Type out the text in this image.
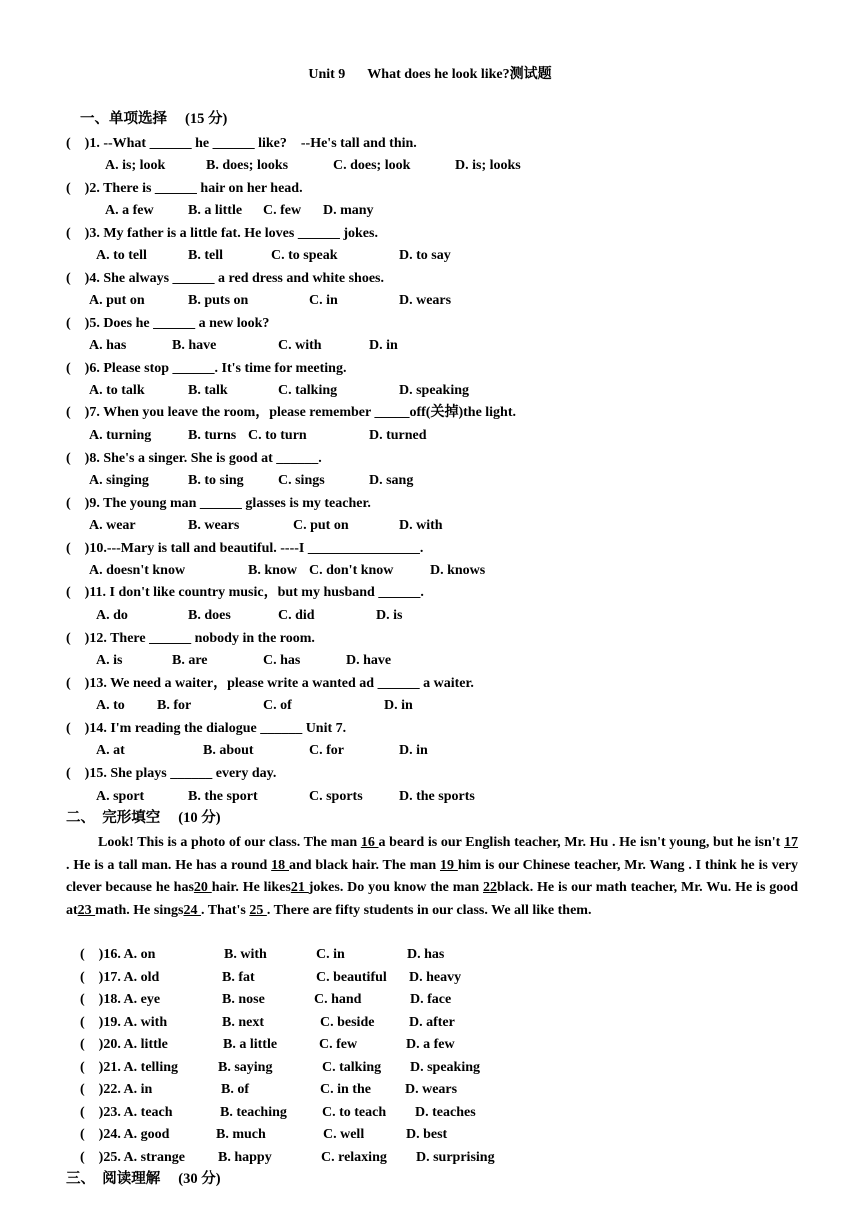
Unit 9 What does he look like?测试题
一、单项选择 (15 分)
(    )1. --What ______ he ______ like?    --He's tall and thin.
A. is; look	B. does; looks	C. does; look	D. is; looks
(    )2. There is ______ hair on her head.
A. a few B. a little C. few D. many
(    )3. My father is a little fat. He loves ______ jokes.
A. to tell	B. tell	C. to speak	D. to say
(    )4. She always ______ a red dress and white shoes.
A. put on	B. puts on	C. in	D. wears
(    )5. Does he ______ a new look?
A. has	B. have	C. with	D. in
(    )6. Please stop ______. It's time for meeting.
A. to talk	B. talk	C. talking	D. speaking
(    )7. When you leave the room，please remember _____off(关掉)the light.
A. turning	B. turns C. to turn	D. turned
(    )8. She's a singer. She is good at ______.
A. singing	B. to sing C. sings	D. sang
(    )9. The young man ______ glasses is my teacher.
A. wear	B. wears	C. put on	D. with
(    )10.---Mary is tall and beautiful. ----I ________________.
A. doesn't know	B. know C. don't know	D. knows
(    )11. I don't like country music，but my husband ______.
A. do	B. does	C. did	D. is
(    )12. There ______ nobody in the room.
A. is	B. are	C. has	D. have
(    )13. We need a waiter，please write a wanted ad ______ a waiter.
A. to B. for	C. of	D. in
(    )14. I'm reading the dialogue ______ Unit 7.
A. at	B. about	C. for	D. in
(    )15. She plays ______ every day.
A. sport	B. the sport	C. sports	D. the sports
二、  完形填空 (10 分)
Look! This is a photo of our class. The man 16 a beard is our English teacher, Mr. Hu . He isn't young, but he isn't 17 . He is a tall man. He has a round 18 and black hair. The man 19 him is our Chinese teacher, Mr. Wang . I think he is very clever because he has20 hair. He likes21 jokes. Do you know the man 22black. He is our math teacher, Mr. Wu. He is good at23 math. He sings24 . That's 25 . There are fifty students in our class. We all like them.
(    )16. A. on	B. with	C. in	D. has
(    )17. A. old	B. fat	C. beautiful D. heavy
(    )18. A. eye	B. nose	C. hand	D. face
(    )19. A. with	B. next	C. beside D. after
(    )20. A. little	B. a little	C. few	D. a few
(    )21. A. telling	B. saying	C. talking D. speaking
(    )22. A. in	B. of	C. in the D. wears
(    )23. A. teach	B. teaching	C. to teach D. teaches
(    )24. A. good	B. much	C. well	D. best
(    )25. A. strange B. happy	C. relaxing D. surprising
三、  阅读理解 (30 分)
